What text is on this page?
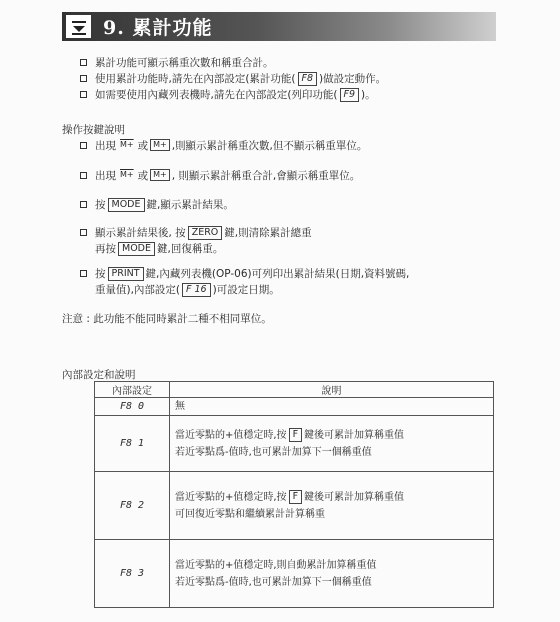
9. 累計功能
累計功能可顯示稱重次數和稱重合計。
使用累計功能時,請先在內部設定(累計功能( F8 )做設定動作。
如需要使用內藏列表機時,請先在內部設定(列印功能( F9 )。
操作按鍵說明
出現 M+ 或 M+ ,則顯示累計稱重次數,但不顯示稱重單位。
出現 M+ 或 M+ , 則顯示累計稱重合計,會顯示稱重單位。
按 MODE 鍵,顯示累計結果。
顯示累計結果後, 按 ZERO 鍵,則清除累計總重
再按 MODE 鍵,回復稱重。
按 PRINT 鍵,內藏列表機(OP-06)可列印出累計結果(日期,資料號碼,
重量值),內部設定( F 16 )可設定日期。
注意 : 此功能不能同時累計二種不相同單位。
內部設定和說明
內部設定	說明
F8 0	無
F8 1	當近零點的+值穩定時,按 F 鍵後可累計加算稱重值
若近零點爲-值時,也可累計加算下一個稱重值
F8 2	當近零點的+值穩定時,按 F 鍵後可累計加算稱重值
可回復近零點和繼續累計計算稱重
F8 3	當近零點的+值穩定時,則自動累計加算稱重值
若近零點爲-值時,也可累計加算下一個稱重值
